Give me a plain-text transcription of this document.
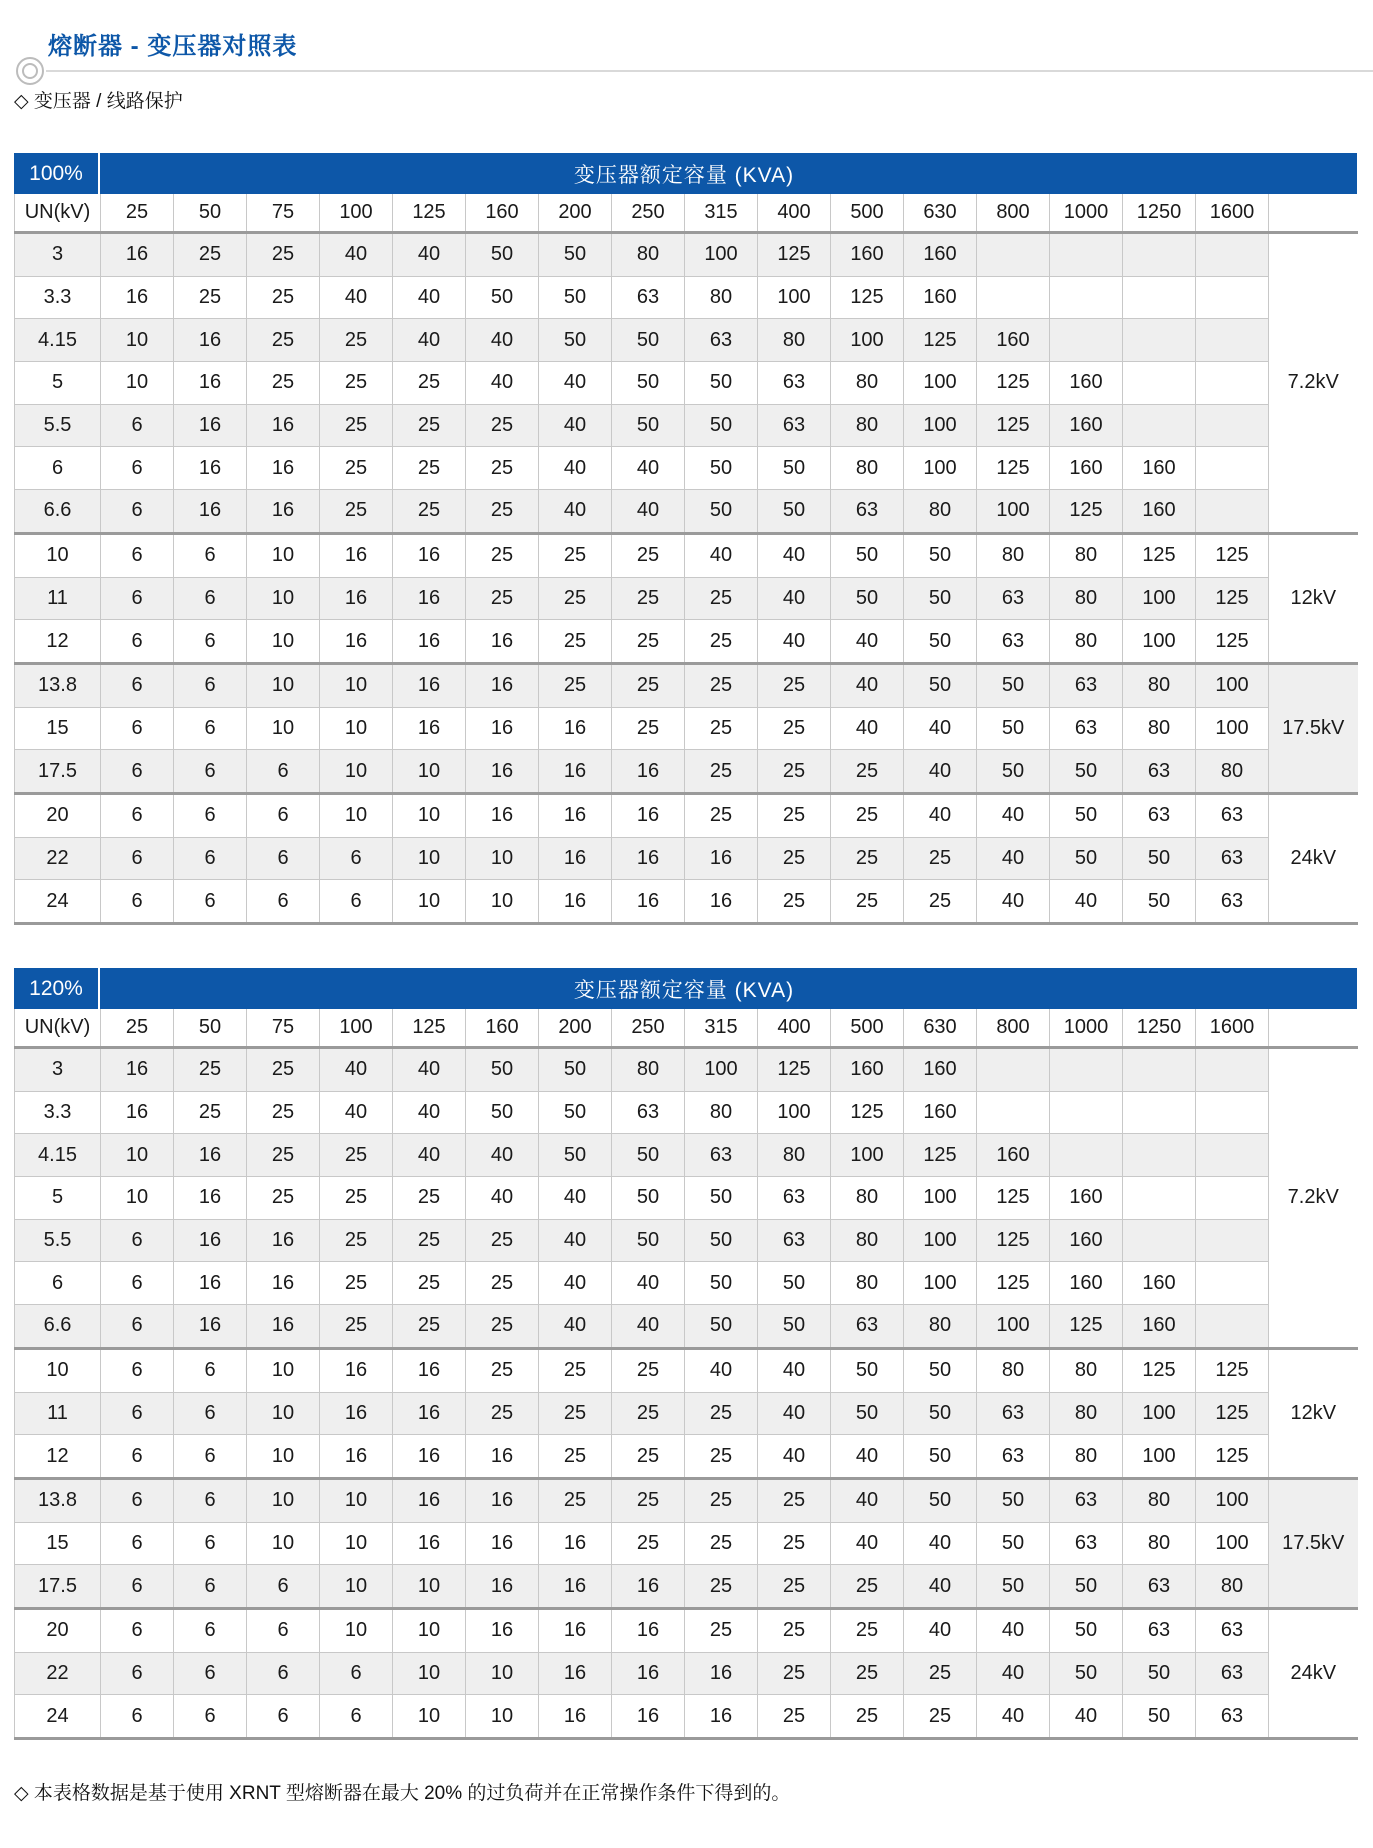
熔断器 - 变压器对照表
◇ 变压器 / 线路保护
100%	变压器额定容量 (KVA)
UN(kV)	25	50	75	100	125	160	200	250	315	400	500	630	800	1000	1250	1600	
3	16	25	25	40	40	50	50	80	100	125	160	160					7.2kV
3.3	16	25	25	40	40	50	50	63	80	100	125	160					
4.15	10	16	25	25	40	40	50	50	63	80	100	125	160				
5	10	16	25	25	25	40	40	50	50	63	80	100	125	160			
5.5	6	16	16	25	25	25	40	50	50	63	80	100	125	160			
6	6	16	16	25	25	25	40	40	50	50	80	100	125	160	160		
6.6	6	16	16	25	25	25	40	40	50	50	63	80	100	125	160		
10	6	6	10	16	16	25	25	25	40	40	50	50	80	80	125	125	12kV
11	6	6	10	16	16	25	25	25	25	40	50	50	63	80	100	125	
12	6	6	10	16	16	16	25	25	25	40	40	50	63	80	100	125	
13.8	6	6	10	10	16	16	25	25	25	25	40	50	50	63	80	100	17.5kV
15	6	6	10	10	16	16	16	25	25	25	40	40	50	63	80	100	
17.5	6	6	6	10	10	16	16	16	25	25	25	40	50	50	63	80	
20	6	6	6	10	10	16	16	16	25	25	25	40	40	50	63	63	24kV
22	6	6	6	6	10	10	16	16	16	25	25	25	40	50	50	63	
24	6	6	6	6	10	10	16	16	16	25	25	25	40	40	50	63	
120%	变压器额定容量 (KVA)
UN(kV)	25	50	75	100	125	160	200	250	315	400	500	630	800	1000	1250	1600	
3	16	25	25	40	40	50	50	80	100	125	160	160					7.2kV
3.3	16	25	25	40	40	50	50	63	80	100	125	160					
4.15	10	16	25	25	40	40	50	50	63	80	100	125	160				
5	10	16	25	25	25	40	40	50	50	63	80	100	125	160			
5.5	6	16	16	25	25	25	40	50	50	63	80	100	125	160			
6	6	16	16	25	25	25	40	40	50	50	80	100	125	160	160		
6.6	6	16	16	25	25	25	40	40	50	50	63	80	100	125	160		
10	6	6	10	16	16	25	25	25	40	40	50	50	80	80	125	125	12kV
11	6	6	10	16	16	25	25	25	25	40	50	50	63	80	100	125	
12	6	6	10	16	16	16	25	25	25	40	40	50	63	80	100	125	
13.8	6	6	10	10	16	16	25	25	25	25	40	50	50	63	80	100	17.5kV
15	6	6	10	10	16	16	16	25	25	25	40	40	50	63	80	100	
17.5	6	6	6	10	10	16	16	16	25	25	25	40	50	50	63	80	
20	6	6	6	10	10	16	16	16	25	25	25	40	40	50	63	63	24kV
22	6	6	6	6	10	10	16	16	16	25	25	25	40	50	50	63	
24	6	6	6	6	10	10	16	16	16	25	25	25	40	40	50	63	
◇ 本表格数据是基于使用 XRNT 型熔断器在最大 20% 的过负荷并在正常操作条件下得到的。
